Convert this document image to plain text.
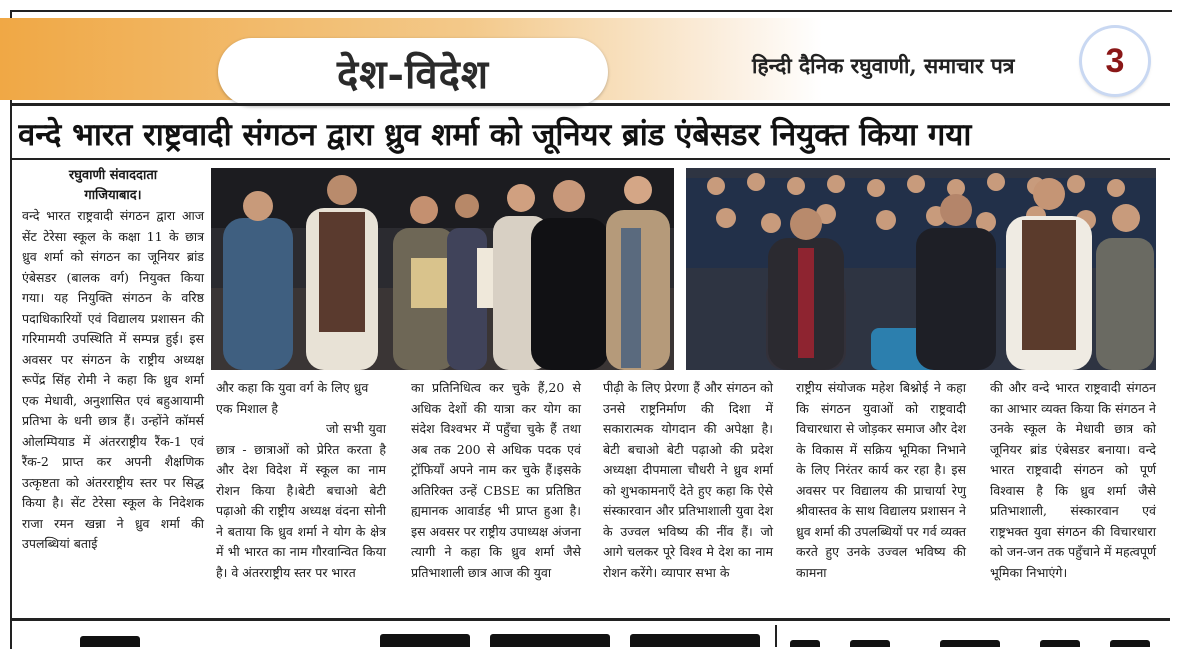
देश-विदेश	हिन्दी दैनिक रघुवाणी, समाचार पत्र	3
वन्दे भारत राष्ट्रवादी संगठन द्वारा ध्रुव शर्मा को जूनियर ब्रांड एंबेसडर नियुक्त किया गया
रघुवाणी संवाददाता
गाजियाबाद।
वन्दे भारत राष्ट्रवादी संगठन द्वारा आज सेंट टेरेसा स्कूल के कक्षा 11 के छात्र ध्रुव शर्मा को संगठन का जूनियर ब्रांड एंबेसडर (बालक वर्ग) नियुक्त किया गया। यह नियुक्ति संगठन के वरिष्ठ पदाधिकारियों एवं विद्यालय प्रशासन की गरिमामयी उपस्थिति में सम्पन्न हुई। इस अवसर पर संगठन के राष्ट्रीय अध्यक्ष रूपेंद्र सिंह रोमी ने कहा कि ध्रुव शर्मा एक मेधावी, अनुशासित एवं बहुआयामी प्रतिभा के धनी छात्र हैं। उन्होंने कॉमर्स ओलम्पियाड में अंतरराष्ट्रीय रैंक-1 एवं रैंक-2 प्राप्त कर अपनी शैक्षणिक उत्कृष्टता को अंतरराष्ट्रीय स्तर पर सिद्ध किया है। सेंट टेरेसा स्कूल के निदेशक राजा रमन खन्ना ने ध्रुव शर्मा की उपलब्धियां बताई
और कहा कि युवा वर्ग के लिए ध्रुव एक मिशाल है
जो सभी युवा छात्र - छात्राओं को प्रेरित करता है और देश विदेश में स्कूल का नाम रोशन किया है।बेटी बचाओ बेटी पढ़ाओ की राष्ट्रीय अध्यक्ष वंदना सोनी ने बताया कि ध्रुव शर्मा ने योग के क्षेत्र में भी भारत का नाम गौरवान्वित किया है। वे अंतरराष्ट्रीय स्तर पर भारत
का प्रतिनिधित्व कर चुके हैं,20 से अधिक देशों की यात्रा कर योग का संदेश विश्वभर में पहुँचा चुके हैं तथा अब तक 200 से अधिक पदक एवं ट्रॉफियाँ अपने नाम कर चुके हैं।इसके अतिरिक्त उन्हें CBSE का प्रतिष्ठित ह्यमानक आवार्डह भी प्राप्त हुआ है।इस अवसर पर राष्ट्रीय उपाध्यक्ष अंजना त्यागी ने कहा कि ध्रुव शर्मा जैसे प्रतिभाशाली छात्र आज की युवा
पीढ़ी के लिए प्रेरणा हैं और संगठन को उनसे राष्ट्रनिर्माण की दिशा में सकारात्मक योगदान की अपेक्षा है।बेटी बचाओ बेटी पढ़ाओ की प्रदेश अध्यक्षा दीपमाला चौधरी ने ध्रुव शर्मा को शुभकामनाएँ देते हुए कहा कि ऐसे संस्कारवान और प्रतिभाशाली युवा देश के उज्वल भविष्य की नींव हैं। जो आगे चलकर पूरे विश्व मे देश का नाम रोशन करेंगे। व्यापार सभा के
राष्ट्रीय संयोजक महेश बिश्नोई ने कहा कि संगठन युवाओं को राष्ट्रवादी विचारधारा से जोड़कर समाज और देश के विकास में सक्रिय भूमिका निभाने के लिए निरंतर कार्य कर रहा है। इस अवसर पर विद्यालय की प्राचार्या रेणु श्रीवास्तव के साथ विद्यालय प्रशासन ने ध्रुव शर्मा की उपलब्धियों पर गर्व व्यक्त करते हुए उनके उज्वल भविष्य की कामना
की और वन्दे भारत राष्ट्रवादी संगठन का आभार व्यक्त किया कि संगठन ने उनके स्कूल के मेधावी छात्र को जूनियर ब्रांड एंबेसडर बनाया। वन्दे भारत राष्ट्रवादी संगठन को पूर्ण विश्वास है कि ध्रुव शर्मा जैसे प्रतिभाशाली, संस्कारवान एवं राष्ट्रभक्त युवा संगठन की विचारधारा को जन-जन तक पहुँचाने में महत्वपूर्ण भूमिका निभाएंगे।
